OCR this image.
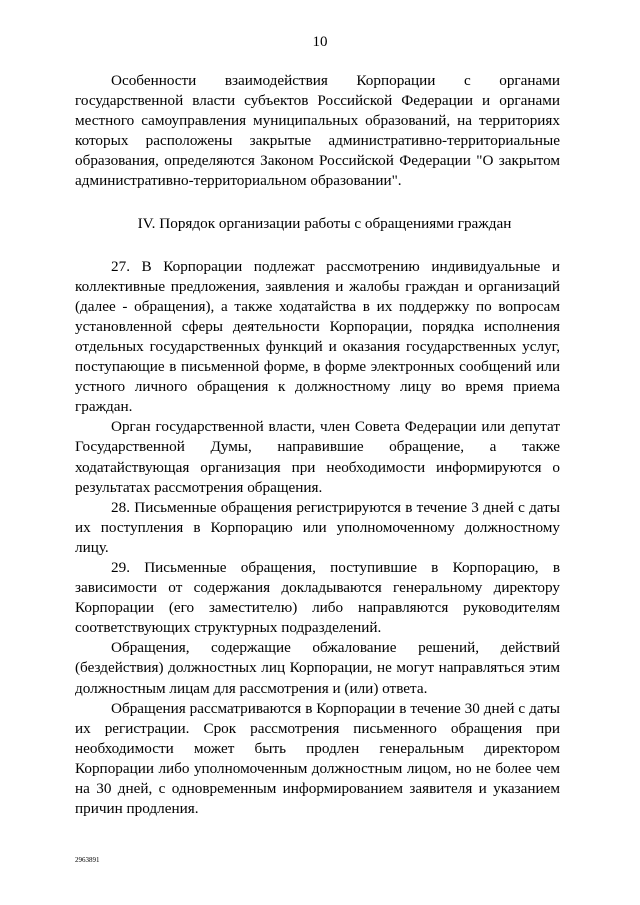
10

Особенности взаимодействия Корпорации с органами государственной власти субъектов Российской Федерации и органами местного самоуправления муниципальных образований, на территориях которых расположены закрытые административно-территориальные образования, определяются Законом Российской Федерации "О закрытом административно-территориальном образовании".

IV. Порядок организации работы с обращениями граждан

27. В Корпорации подлежат рассмотрению индивидуальные и коллективные предложения, заявления и жалобы граждан и организаций (далее - обращения), а также ходатайства в их поддержку по вопросам установленной сферы деятельности Корпорации, порядка исполнения отдельных государственных функций и оказания государственных услуг, поступающие в письменной форме, в форме электронных сообщений или устного личного обращения к должностному лицу во время приема граждан.

Орган государственной власти, член Совета Федерации или депутат Государственной Думы, направившие обращение, а также ходатайствующая организация при необходимости информируются о результатах рассмотрения обращения.

28. Письменные обращения регистрируются в течение 3 дней с даты их поступления в Корпорацию или уполномоченному должностному лицу.

29. Письменные обращения, поступившие в Корпорацию, в зависимости от содержания докладываются генеральному директору Корпорации (его заместителю) либо направляются руководителям соответствующих структурных подразделений.

Обращения, содержащие обжалование решений, действий (бездействия) должностных лиц Корпорации, не могут направляться этим должностным лицам для рассмотрения и (или) ответа.

Обращения рассматриваются в Корпорации в течение 30 дней с даты их регистрации. Срок рассмотрения письменного обращения при необходимости может быть продлен генеральным директором Корпорации либо уполномоченным должностным лицом, но не более чем на 30 дней, с одновременным информированием заявителя и указанием причин продления.

2963891
